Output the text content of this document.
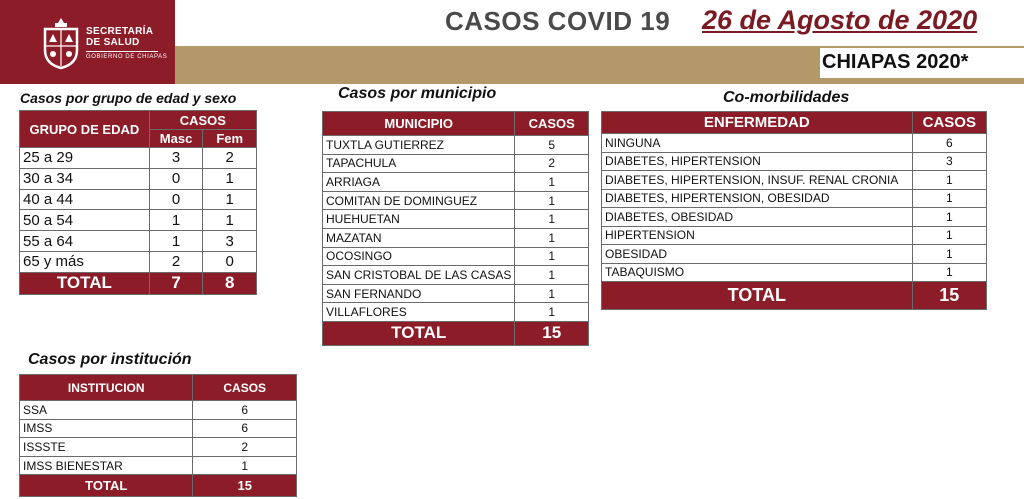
SECRETARÍA
DE SALUD
GOBIERNO DE CHIAPAS
CASOS COVID 19 26 de Agosto de 2020
CHIAPAS 2020*
Casos por grupo de edad y sexo
GRUPO DE EDAD	CASOS	
	Masc	Fem
25 a 29	3	2
30 a 34	0	1
40 a 44	0	1
50 a 54	1	1
55 a 64	1	3
65 y más	2	0
TOTAL	7	8
Casos por municipio
MUNICIPIO	CASOS
TUXTLA GUTIERREZ	5
TAPACHULA	2
ARRIAGA	1
COMITAN DE DOMINGUEZ	1
HUEHUETAN	1
MAZATAN	1
OCOSINGO	1
SAN CRISTOBAL DE LAS CASAS	1
SAN FERNANDO	1
VILLAFLORES	1
TOTAL	15
Co-morbilidades
ENFERMEDAD	CASOS
NINGUNA	6
DIABETES, HIPERTENSION	3
DIABETES, HIPERTENSION, INSUF. RENAL CRONIA	1
DIABETES, HIPERTENSION, OBESIDAD	1
DIABETES, OBESIDAD	1
HIPERTENSION	1
OBESIDAD	1
TABAQUISMO	1
TOTAL	15
Casos por institución
INSTITUCION	CASOS
SSA	6
IMSS	6
ISSSTE	2
IMSS BIENESTAR	1
TOTAL	15
